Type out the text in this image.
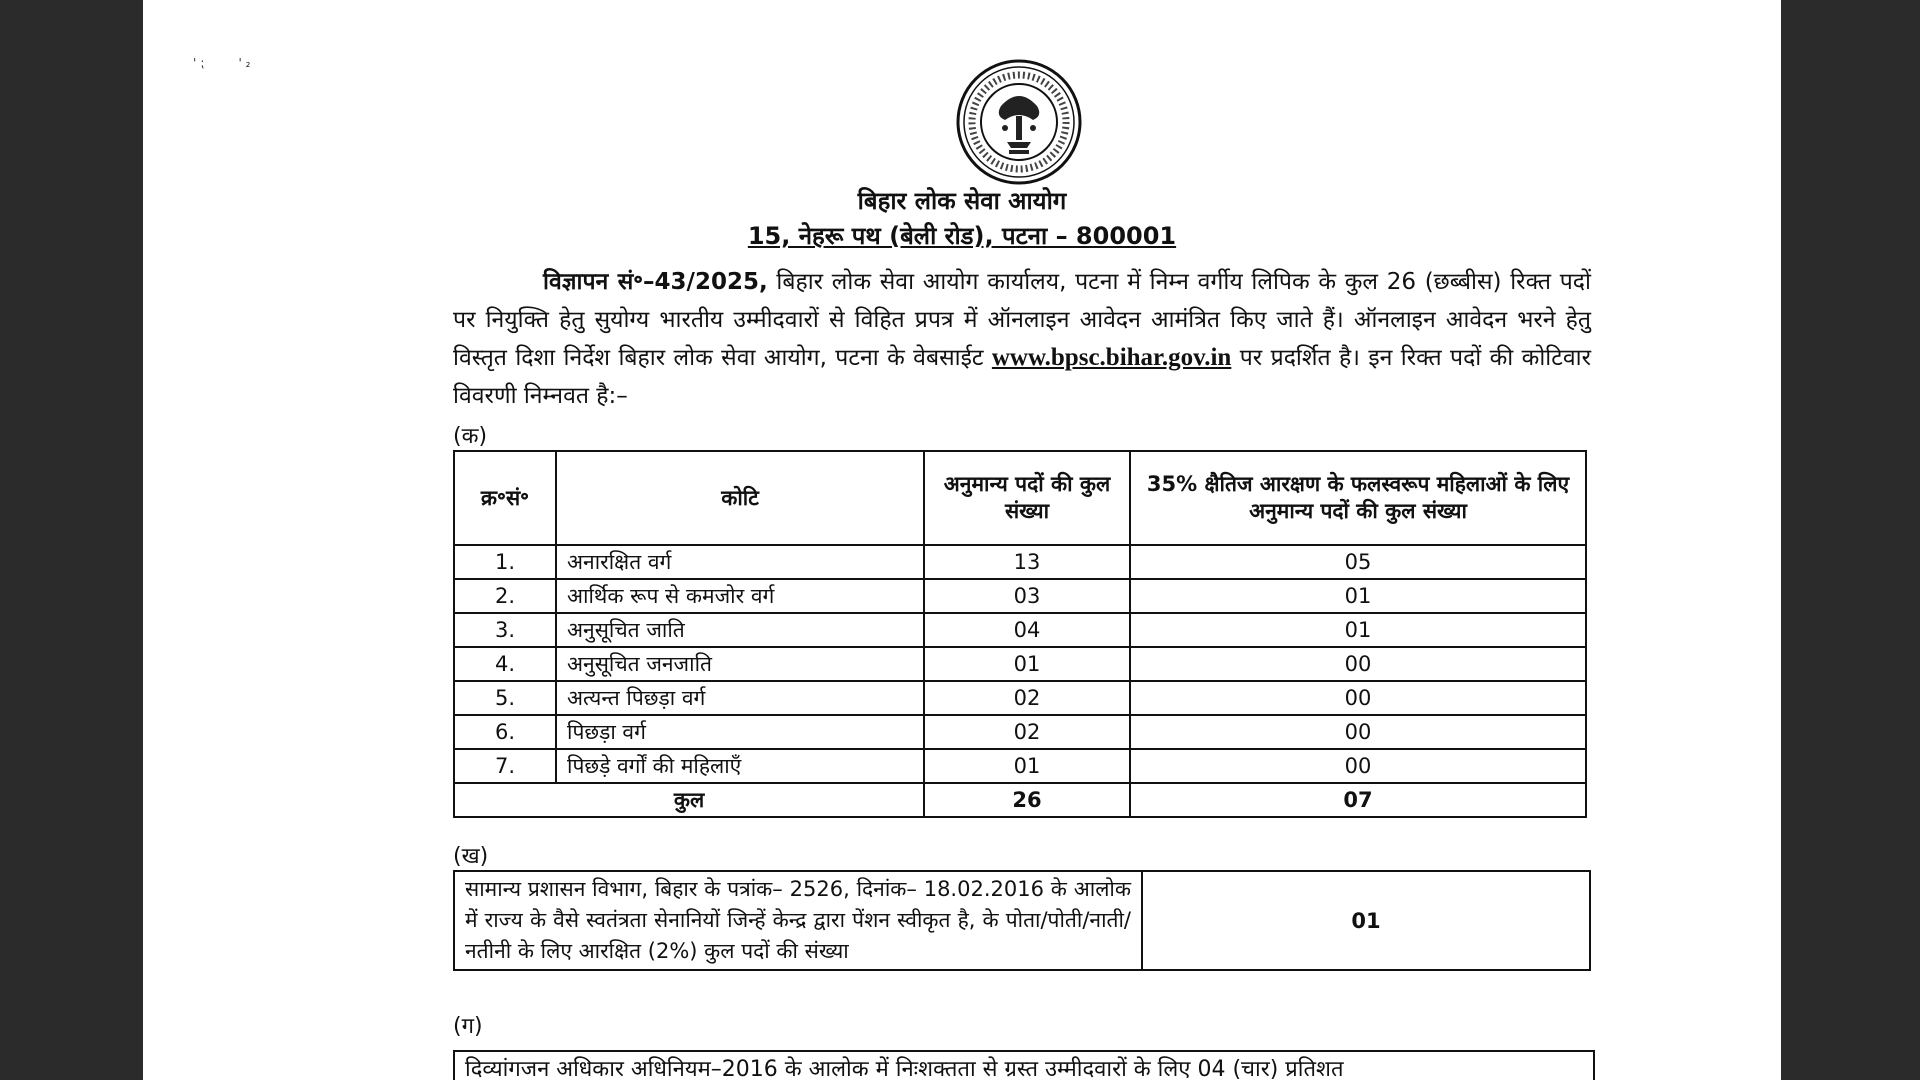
' ⁏         ' ₂
बिहार लोक सेवा आयोग
15, नेहरू पथ (बेली रोड), पटना – 800001
विज्ञापन सं॰–43/2025, बिहार लोक सेवा आयोग कार्यालय, पटना में निम्न वर्गीय लिपिक के कुल 26 (छब्बीस) रिक्त पदों पर नियुक्ति हेतु सुयोग्य भारतीय उम्मीदवारों से विहित प्रपत्र में ऑनलाइन आवेदन आमंत्रित किए जाते हैं। ऑनलाइन आवेदन भरने हेतु विस्तृत दिशा निर्देश बिहार लोक सेवा आयोग, पटना के वेबसाईट www.bpsc.bihar.gov.in पर प्रदर्शित है। इन रिक्त पदों की कोटिवार विवरणी निम्नवत है:–
(क)
क्र॰सं॰	कोटि	अनुमान्य पदों की कुल संख्या	35% क्षैतिज आरक्षण के फलस्वरूप महिलाओं के लिए अनुमान्य पदों की कुल संख्या
1.	अनारक्षित वर्ग	13	05
2.	आर्थिक रूप से कमजोर वर्ग	03	01
3.	अनुसूचित जाति	04	01
4.	अनुसूचित जनजाति	01	00
5.	अत्यन्त पिछड़ा वर्ग	02	00
6.	पिछड़ा वर्ग	02	00
7.	पिछड़े वर्गों की महिलाएँ	01	00
कुल		26	07
(ख)
सामान्य प्रशासन विभाग, बिहार के पत्रांक– 2526, दिनांक– 18.02.2016 के आलोक में राज्य के वैसे स्वतंत्रता सेनानियों जिन्हें केन्द्र द्वारा पेंशन स्वीकृत है, के पोता/पोती/नाती/ नतीनी के लिए आरक्षित (2%) कुल पदों की संख्या	01
(ग)
दिव्यांगजन अधिकार अधिनियम–2016 के आलोक में निःशक्तता से ग्रस्त उम्मीदवारों के लिए 04 (चार) प्रतिशत
